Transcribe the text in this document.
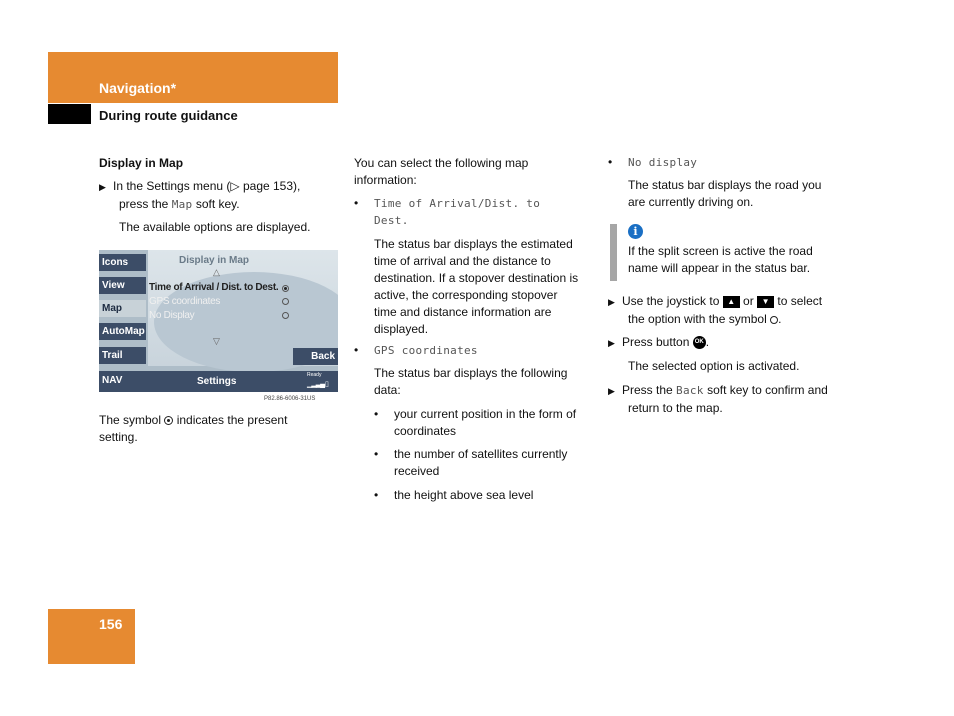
Navigation*
During route guidance
Display in Map
▶ In the Settings menu (▷ page 153),
press the Map soft key.
The available options are displayed.
Icons
View
Map
AutoMap
Trail
Display in Map
△
Time of Arrival / Dist. to Dest.
GPS coordinates
No Display
▽
Back
NAV	Settings
Ready
▁▂▃▄ ▯
P82.86-6006-31US
The symbol  indicates the present
setting.
You can select the following map
information:
• Time of Arrival/Dist. to
Dest.
The status bar displays the estimated
time of arrival and the distance to
destination. If a stopover destination is
active, the corresponding stopover
time and distance information are
displayed.
• GPS coordinates
The status bar displays the following
data:
• your current position in the form of
coordinates
• the number of satellites currently
received
• the height above sea level
• No display
The status bar displays the road you
are currently driving on.
i
If the split screen is active the road
name will appear in the status bar.
▶ Use the joystick to ▲ or ▼ to select
the option with the symbol .
▶ Press button OK .
The selected option is activated.
▶ Press the Back soft key to confirm and
return to the map.
156
